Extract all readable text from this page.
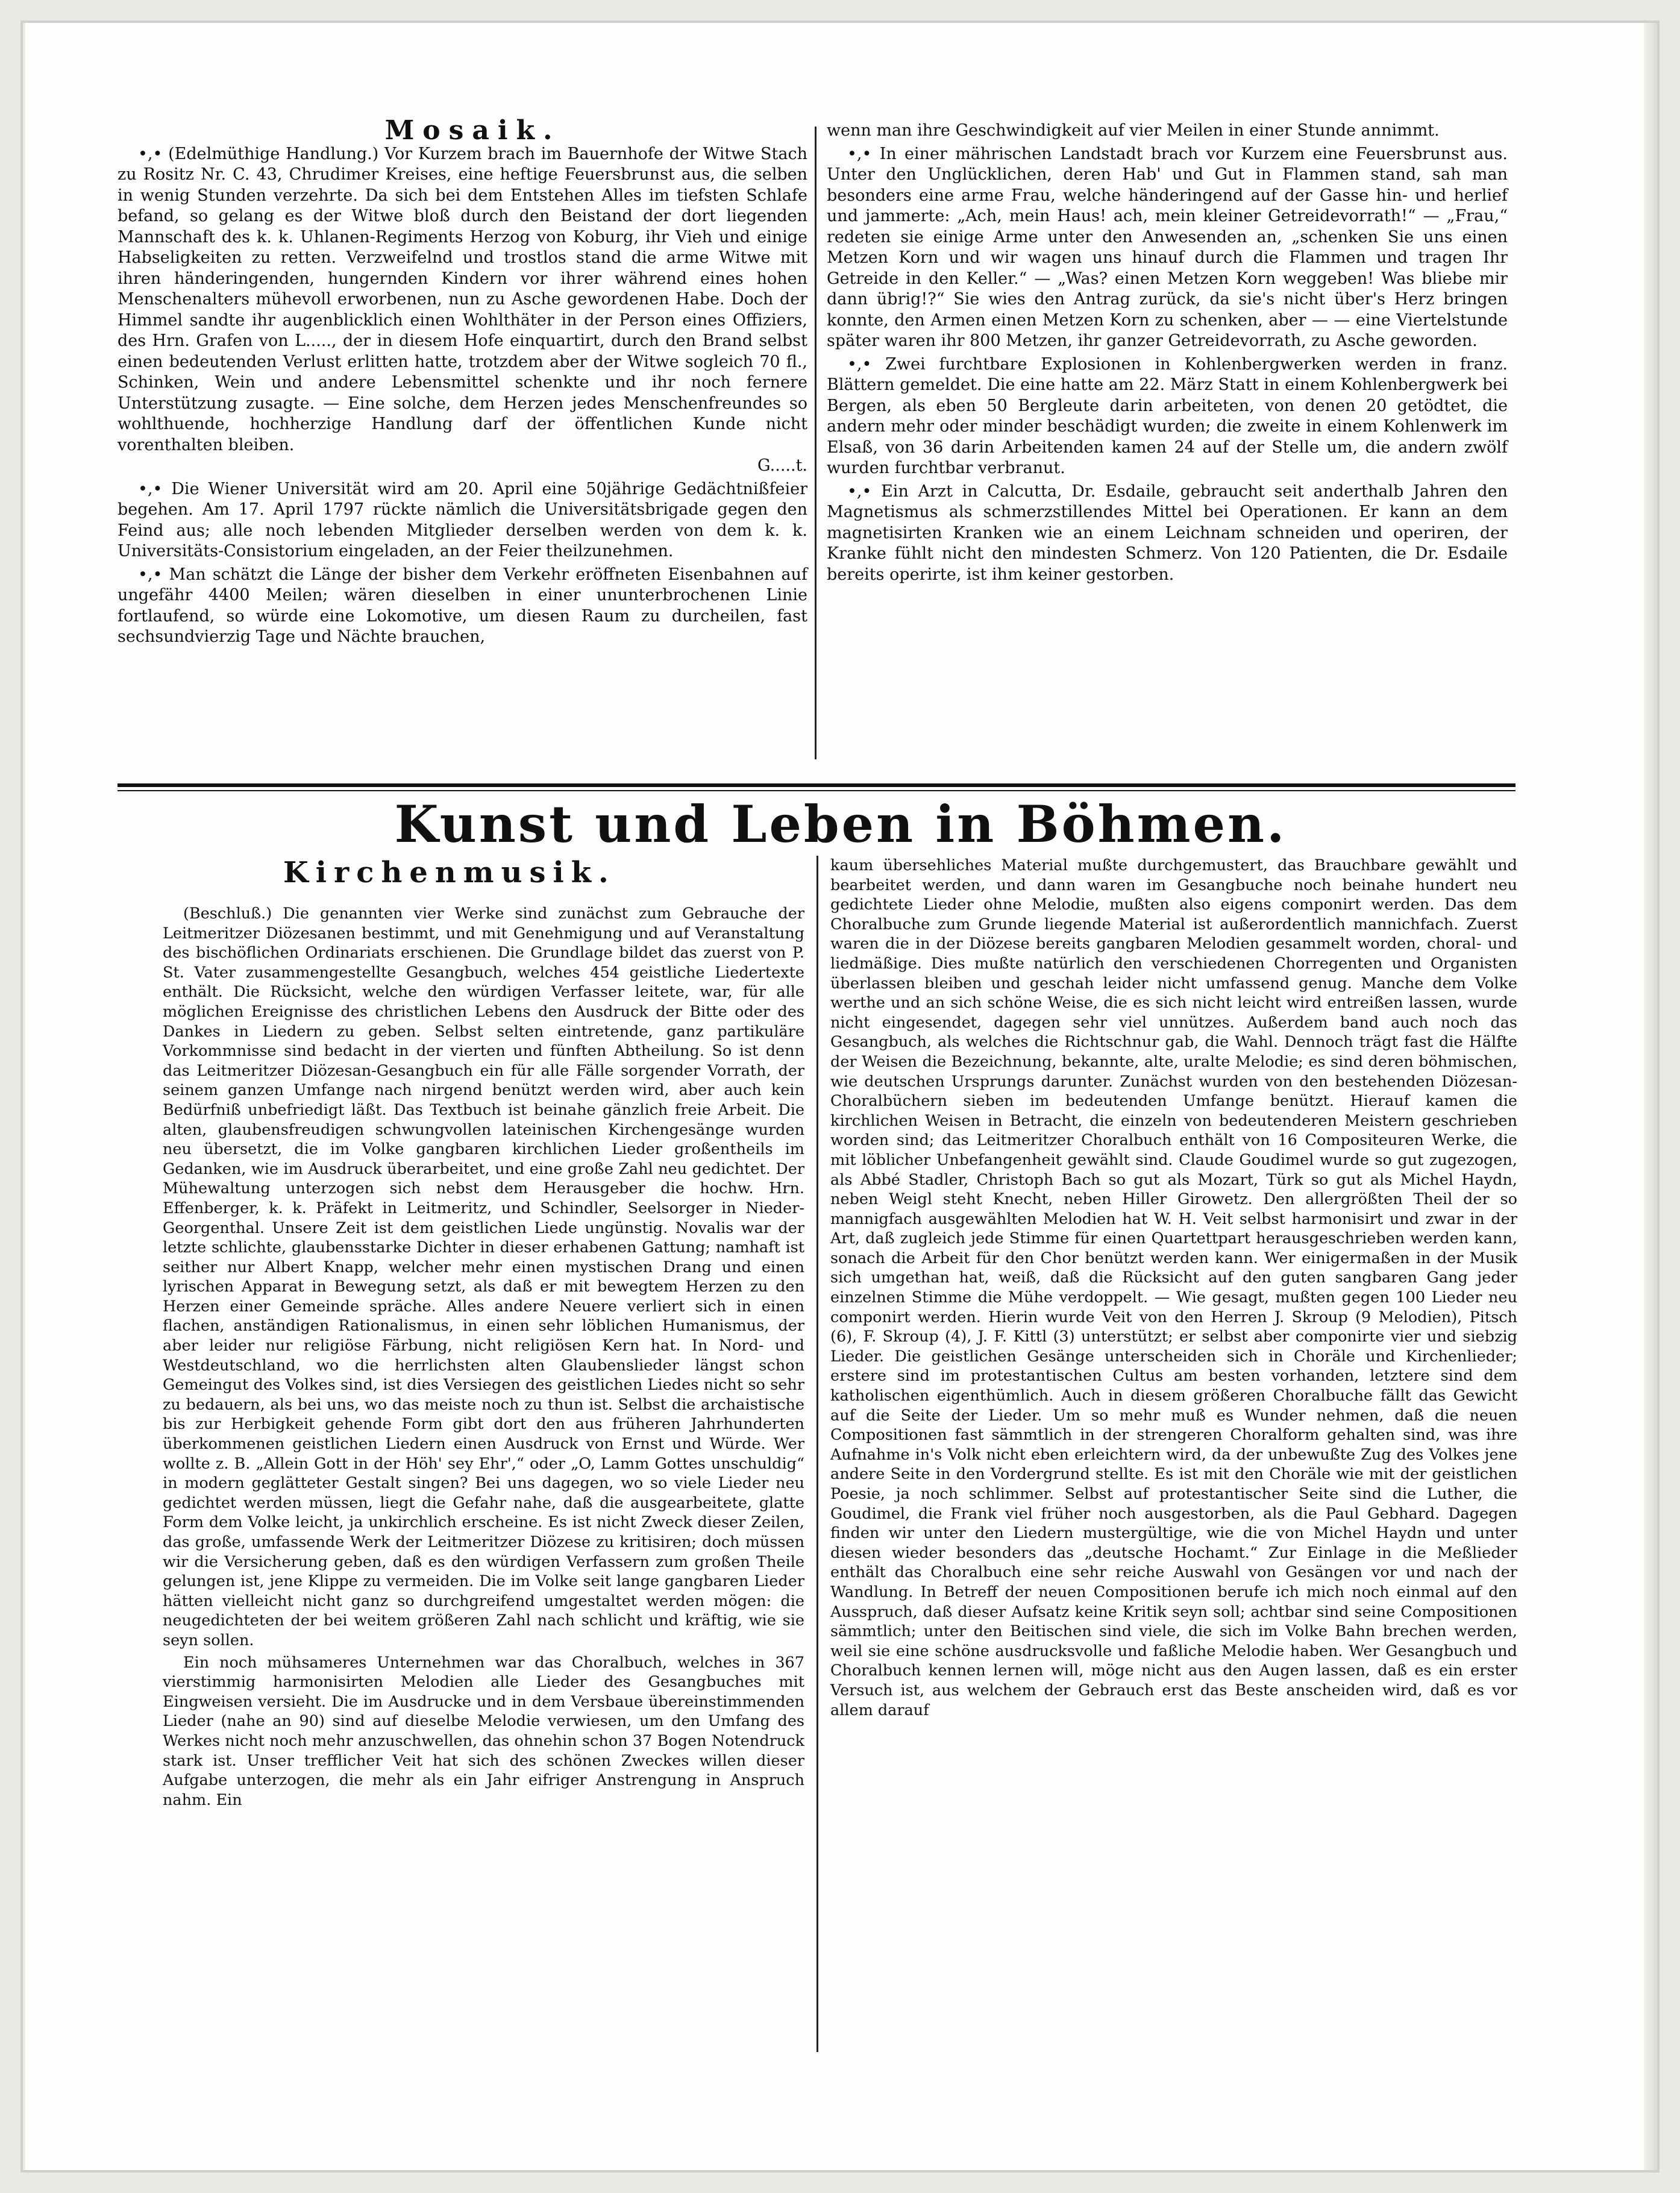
Mosaik.

•,• (Edelmüthige Handlung.) Vor Kurzem brach im Bauernhofe der Witwe Stach zu Rositz Nr. C. 43, Chrudimer Kreises, eine heftige Feuersbrunst aus, die selben in wenig Stunden verzehrte. Da sich bei dem Entstehen Alles im tiefsten Schlafe befand, so gelang es der Witwe bloß durch den Beistand der dort liegenden Mannschaft des k. k. Uhlanen-Regiments Herzog von Koburg, ihr Vieh und einige Habseligkeiten zu retten. Verzweifelnd und trostlos stand die arme Witwe mit ihren händeringenden, hungernden Kindern vor ihrer während eines hohen Menschenalters mühevoll erworbenen, nun zu Asche gewordenen Habe. Doch der Himmel sandte ihr augenblicklich einen Wohlthäter in der Person eines Offiziers, des Hrn. Grafen von L....., der in diesem Hofe einquartirt, durch den Brand selbst einen bedeutenden Verlust erlitten hatte, trotzdem aber der Witwe sogleich 70 fl., Schinken, Wein und andere Lebensmittel schenkte und ihr noch fernere Unterstützung zusagte. — Eine solche, dem Herzen jedes Menschenfreundes so wohlthuende, hochherzige Handlung darf der öffentlichen Kunde nicht vorenthalten bleiben.

G.....t.

•,• Die Wiener Universität wird am 20. April eine 50jährige Gedächtnißfeier begehen. Am 17. April 1797 rückte nämlich die Universitätsbrigade gegen den Feind aus; alle noch lebenden Mitglieder derselben werden von dem k. k. Universitäts-Consistorium eingeladen, an der Feier theilzunehmen.

•,• Man schätzt die Länge der bisher dem Verkehr eröffneten Eisenbahnen auf ungefähr 4400 Meilen; wären dieselben in einer ununterbrochenen Linie fortlaufend, so würde eine Lokomotive, um diesen Raum zu durcheilen, fast sechsundvierzig Tage und Nächte brauchen,

wenn man ihre Geschwindigkeit auf vier Meilen in einer Stunde annimmt.

•,• In einer mährischen Landstadt brach vor Kurzem eine Feuersbrunst aus. Unter den Unglücklichen, deren Hab' und Gut in Flammen stand, sah man besonders eine arme Frau, welche händeringend auf der Gasse hin- und herlief und jammerte: „Ach, mein Haus! ach, mein kleiner Getreidevorrath!“ — „Frau,“ redeten sie einige Arme unter den Anwesenden an, „schenken Sie uns einen Metzen Korn und wir wagen uns hinauf durch die Flammen und tragen Ihr Getreide in den Keller.“ — „Was? einen Metzen Korn weggeben! Was bliebe mir dann übrig!?“ Sie wies den Antrag zurück, da sie's nicht über's Herz bringen konnte, den Armen einen Metzen Korn zu schenken, aber — — eine Viertelstunde später waren ihr 800 Metzen, ihr ganzer Getreidevorrath, zu Asche geworden.

•,• Zwei furchtbare Explosionen in Kohlenbergwerken werden in franz. Blättern gemeldet. Die eine hatte am 22. März Statt in einem Kohlenbergwerk bei Bergen, als eben 50 Bergleute darin arbeiteten, von denen 20 getödtet, die andern mehr oder minder beschädigt wurden; die zweite in einem Kohlenwerk im Elsaß, von 36 darin Arbeitenden kamen 24 auf der Stelle um, die andern zwölf wurden furchtbar verbranut.

•,• Ein Arzt in Calcutta, Dr. Esdaile, gebraucht seit anderthalb Jahren den Magnetismus als schmerzstillendes Mittel bei Operationen. Er kann an dem magnetisirten Kranken wie an einem Leichnam schneiden und operiren, der Kranke fühlt nicht den mindesten Schmerz. Von 120 Patienten, die Dr. Esdaile bereits operirte, ist ihm keiner gestorben.

Kunst und Leben in Böhmen.
Kirchenmusik.

(Beschluß.) Die genannten vier Werke sind zunächst zum Gebrauche der Leitmeritzer Diözesanen bestimmt, und mit Genehmigung und auf Veranstaltung des bischöflichen Ordinariats erschienen. Die Grundlage bildet das zuerst von P. St. Vater zusammengestellte Gesangbuch, welches 454 geistliche Liedertexte enthält. Die Rücksicht, welche den würdigen Verfasser leitete, war, für alle möglichen Ereignisse des christlichen Lebens den Ausdruck der Bitte oder des Dankes in Liedern zu geben. Selbst selten eintretende, ganz partikuläre Vorkommnisse sind bedacht in der vierten und fünften Abtheilung. So ist denn das Leitmeritzer Diözesan-Gesangbuch ein für alle Fälle sorgender Vorrath, der seinem ganzen Umfange nach nirgend benützt werden wird, aber auch kein Bedürfniß unbefriedigt läßt. Das Textbuch ist beinahe gänzlich freie Arbeit. Die alten, glaubensfreudigen schwungvollen lateinischen Kirchengesänge wurden neu übersetzt, die im Volke gangbaren kirchlichen Lieder großentheils im Gedanken, wie im Ausdruck überarbeitet, und eine große Zahl neu gedichtet. Der Mühewaltung unterzogen sich nebst dem Herausgeber die hochw. Hrn. Effenberger, k. k. Präfekt in Leitmeritz, und Schindler, Seelsorger in Nieder-Georgenthal. Unsere Zeit ist dem geistlichen Liede ungünstig. Novalis war der letzte schlichte, glaubensstarke Dichter in dieser erhabenen Gattung; namhaft ist seither nur Albert Knapp, welcher mehr einen mystischen Drang und einen lyrischen Apparat in Bewegung setzt, als daß er mit bewegtem Herzen zu den Herzen einer Gemeinde spräche. Alles andere Neuere verliert sich in einen flachen, anständigen Rationalismus, in einen sehr löblichen Humanismus, der aber leider nur religiöse Färbung, nicht religiösen Kern hat. In Nord- und Westdeutschland, wo die herrlichsten alten Glaubenslieder längst schon Gemeingut des Volkes sind, ist dies Versiegen des geistlichen Liedes nicht so sehr zu bedauern, als bei uns, wo das meiste noch zu thun ist. Selbst die archaistische bis zur Herbigkeit gehende Form gibt dort den aus früheren Jahrhunderten überkommenen geistlichen Liedern einen Ausdruck von Ernst und Würde. Wer wollte z. B. „Allein Gott in der Höh' sey Ehr',“ oder „O, Lamm Gottes unschuldig“ in modern geglätteter Gestalt singen? Bei uns dagegen, wo so viele Lieder neu gedichtet werden müssen, liegt die Gefahr nahe, daß die ausgearbeitete, glatte Form dem Volke leicht, ja unkirchlich erscheine. Es ist nicht Zweck dieser Zeilen, das große, umfassende Werk der Leitmeritzer Diözese zu kritisiren; doch müssen wir die Versicherung geben, daß es den würdigen Verfassern zum großen Theile gelungen ist, jene Klippe zu vermeiden. Die im Volke seit lange gangbaren Lieder hätten vielleicht nicht ganz so durchgreifend umgestaltet werden mögen: die neugedichteten der bei weitem größeren Zahl nach schlicht und kräftig, wie sie seyn sollen.

Ein noch mühsameres Unternehmen war das Choralbuch, welches in 367 vierstimmig harmonisirten Melodien alle Lieder des Gesangbuches mit Eingweisen versieht. Die im Ausdrucke und in dem Versbaue übereinstimmenden Lieder (nahe an 90) sind auf dieselbe Melodie verwiesen, um den Umfang des Werkes nicht noch mehr anzuschwellen, das ohnehin schon 37 Bogen Notendruck stark ist. Unser trefflicher Veit hat sich des schönen Zweckes willen dieser Aufgabe unterzogen, die mehr als ein Jahr eifriger Anstrengung in Anspruch nahm. Ein

kaum übersehliches Material mußte durchgemustert, das Brauchbare gewählt und bearbeitet werden, und dann waren im Gesangbuche noch beinahe hundert neu gedichtete Lieder ohne Melodie, mußten also eigens componirt werden. Das dem Choralbuche zum Grunde liegende Material ist außerordentlich mannichfach. Zuerst waren die in der Diözese bereits gangbaren Melodien gesammelt worden, choral- und liedmäßige. Dies mußte natürlich den verschiedenen Chorregenten und Organisten überlassen bleiben und geschah leider nicht umfassend genug. Manche dem Volke werthe und an sich schöne Weise, die es sich nicht leicht wird entreißen lassen, wurde nicht eingesendet, dagegen sehr viel unnützes. Außerdem band auch noch das Gesangbuch, als welches die Richtschnur gab, die Wahl. Dennoch trägt fast die Hälfte der Weisen die Bezeichnung, bekannte, alte, uralte Melodie; es sind deren böhmischen, wie deutschen Ursprungs darunter. Zunächst wurden von den bestehenden Diözesan-Choralbüchern sieben im bedeutenden Umfange benützt. Hierauf kamen die kirchlichen Weisen in Betracht, die einzeln von bedeutenderen Meistern geschrieben worden sind; das Leitmeritzer Choralbuch enthält von 16 Compositeuren Werke, die mit löblicher Unbefangenheit gewählt sind. Claude Goudimel wurde so gut zugezogen, als Abbé Stadler, Christoph Bach so gut als Mozart, Türk so gut als Michel Haydn, neben Weigl steht Knecht, neben Hiller Girowetz. Den allergrößten Theil der so mannigfach ausgewählten Melodien hat W. H. Veit selbst harmonisirt und zwar in der Art, daß zugleich jede Stimme für einen Quartettpart herausgeschrieben werden kann, sonach die Arbeit für den Chor benützt werden kann. Wer einigermaßen in der Musik sich umgethan hat, weiß, daß die Rücksicht auf den guten sangbaren Gang jeder einzelnen Stimme die Mühe verdoppelt. — Wie gesagt, mußten gegen 100 Lieder neu componirt werden. Hierin wurde Veit von den Herren J. Skroup (9 Melodien), Pitsch (6), F. Skroup (4), J. F. Kittl (3) unterstützt; er selbst aber componirte vier und siebzig Lieder. Die geistlichen Gesänge unterscheiden sich in Choräle und Kirchenlieder; erstere sind im protestantischen Cultus am besten vorhanden, letztere sind dem katholischen eigenthümlich. Auch in diesem größeren Choralbuche fällt das Gewicht auf die Seite der Lieder. Um so mehr muß es Wunder nehmen, daß die neuen Compositionen fast sämmtlich in der strengeren Choralform gehalten sind, was ihre Aufnahme in's Volk nicht eben erleichtern wird, da der unbewußte Zug des Volkes jene andere Seite in den Vordergrund stellte. Es ist mit den Choräle wie mit der geistlichen Poesie, ja noch schlimmer. Selbst auf protestantischer Seite sind die Luther, die Goudimel, die Frank viel früher noch ausgestorben, als die Paul Gebhard. Dagegen finden wir unter den Liedern mustergültige, wie die von Michel Haydn und unter diesen wieder besonders das „deutsche Hochamt.“ Zur Einlage in die Meßlieder enthält das Choralbuch eine sehr reiche Auswahl von Gesängen vor und nach der Wandlung. In Betreff der neuen Compositionen berufe ich mich noch einmal auf den Ausspruch, daß dieser Aufsatz keine Kritik seyn soll; achtbar sind seine Compositionen sämmtlich; unter den Beitischen sind viele, die sich im Volke Bahn brechen werden, weil sie eine schöne ausdrucksvolle und faßliche Melodie haben. Wer Gesangbuch und Choralbuch kennen lernen will, möge nicht aus den Augen lassen, daß es ein erster Versuch ist, aus welchem der Gebrauch erst das Beste anscheiden wird, daß es vor allem darauf
